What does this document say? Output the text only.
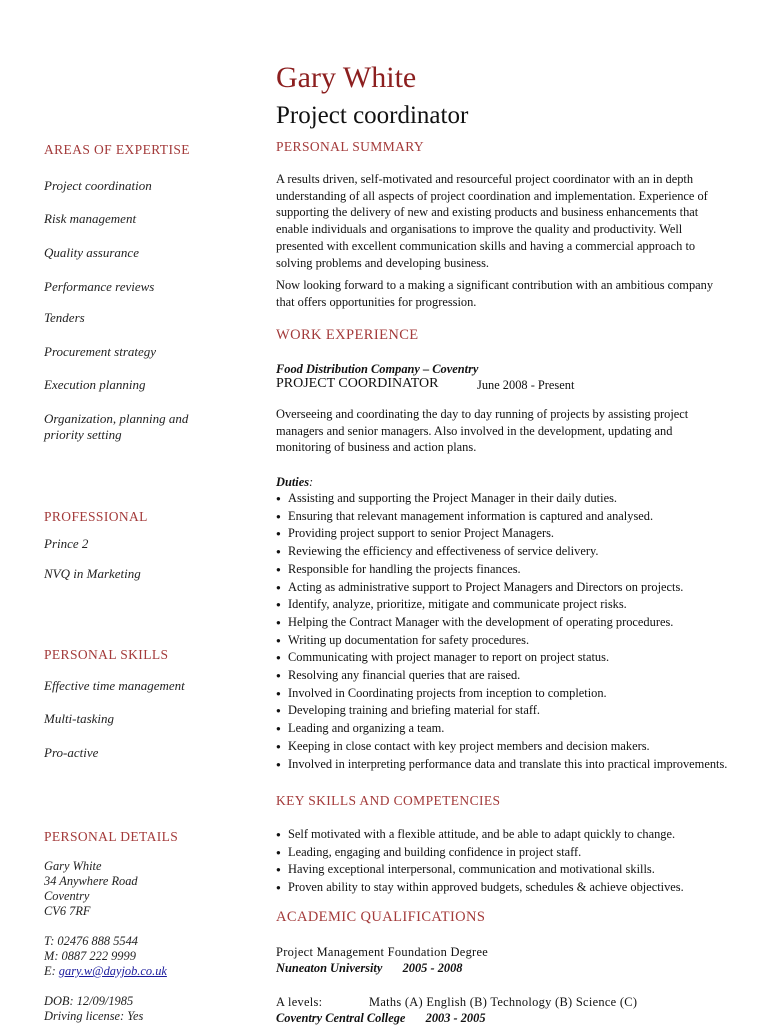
Gary White
Project coordinator
AREAS OF EXPERTISE
Project coordination
Risk management
Quality assurance
Performance reviews
Tenders
Procurement strategy
Execution planning
Organization, planning and priority setting
PROFESSIONAL
Prince 2
NVQ in Marketing
PERSONAL SKILLS
Effective time management
Multi-tasking
Pro-active
PERSONAL DETAILS
Gary White
34 Anywhere Road
Coventry
CV6 7RF
T: 02476 888 5544
M: 0887 222 9999
E: gary.w@dayjob.co.uk
DOB: 12/09/1985
Driving license: Yes
PERSONAL SUMMARY
A results driven, self-motivated and resourceful project coordinator with an in depth understanding of all aspects of project coordination and implementation. Experience of supporting the delivery of new and existing products and business enhancements that enable individuals and organisations to improve the quality and productivity. Well presented with excellent communication skills and having a commercial approach to solving problems and developing business.
Now looking forward to a making a significant contribution with an ambitious company that offers opportunities for progression.
WORK EXPERIENCE
Food Distribution Company – Coventry
PROJECT COORDINATOR	June 2008 - Present
Overseeing and coordinating the day to day running of projects by assisting project managers and senior managers. Also involved in the development, updating and monitoring of business and action plans.
Duties:
● Assisting and supporting the Project Manager in their daily duties.
● Ensuring that relevant management information is captured and analysed.
● Providing project support to senior Project Managers.
● Reviewing the efficiency and effectiveness of service delivery.
● Responsible for handling the projects finances.
● Acting as administrative support to Project Managers and Directors on projects.
● Identify, analyze, prioritize, mitigate and communicate project risks.
● Helping the Contract Manager with the development of operating procedures.
● Writing up documentation for safety procedures.
● Communicating with project manager to report on project status.
● Resolving any financial queries that are raised.
● Involved in Coordinating projects from inception to completion.
● Developing training and briefing material for staff.
● Leading and organizing a team.
● Keeping in close contact with key project members and decision makers.
● Involved in interpreting performance data and translate this into practical improvements.
KEY SKILLS AND COMPETENCIES
● Self motivated with a flexible attitude, and be able to adapt quickly to change.
● Leading, engaging and building confidence in project staff.
● Having exceptional interpersonal, communication and motivational skills.
● Proven ability to stay within approved budgets, schedules & achieve objectives.
ACADEMIC QUALIFICATIONS
Project Management Foundation Degree
Nuneaton University 2005 - 2008
A levels:	Maths (A) English (B) Technology (B) Science (C)
Coventry Central College 2003 - 2005
